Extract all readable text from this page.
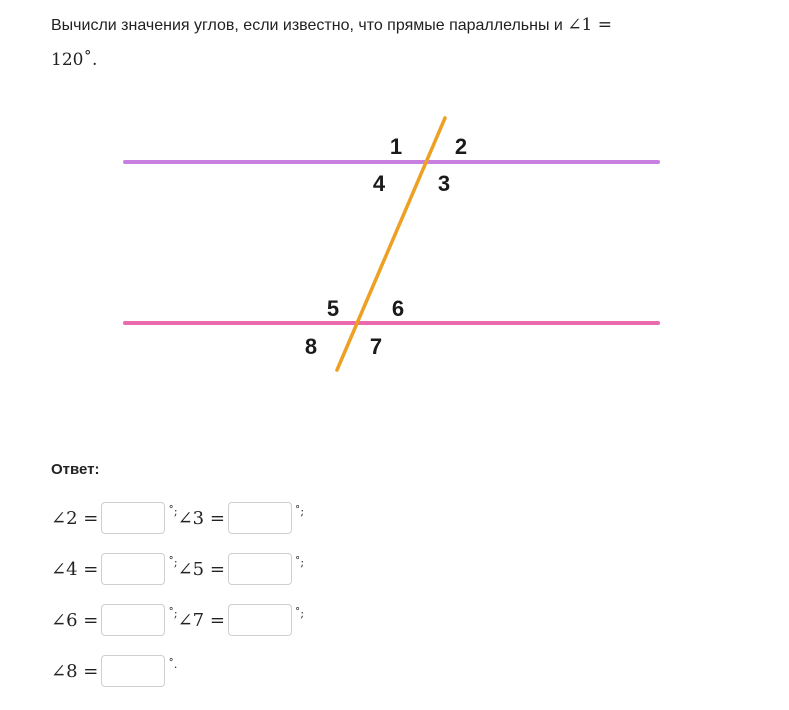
Вычисли значения углов, если известно, что прямые параллельны и ∠1 =
120˚.
1 2
3
4
5 6
7
8
Ответ:
∠2 =	˚; ∠3 =	˚;
∠4 =	˚; ∠5 =	˚;
∠6 =	˚; ∠7 =	˚;
∠8 =	˚.
